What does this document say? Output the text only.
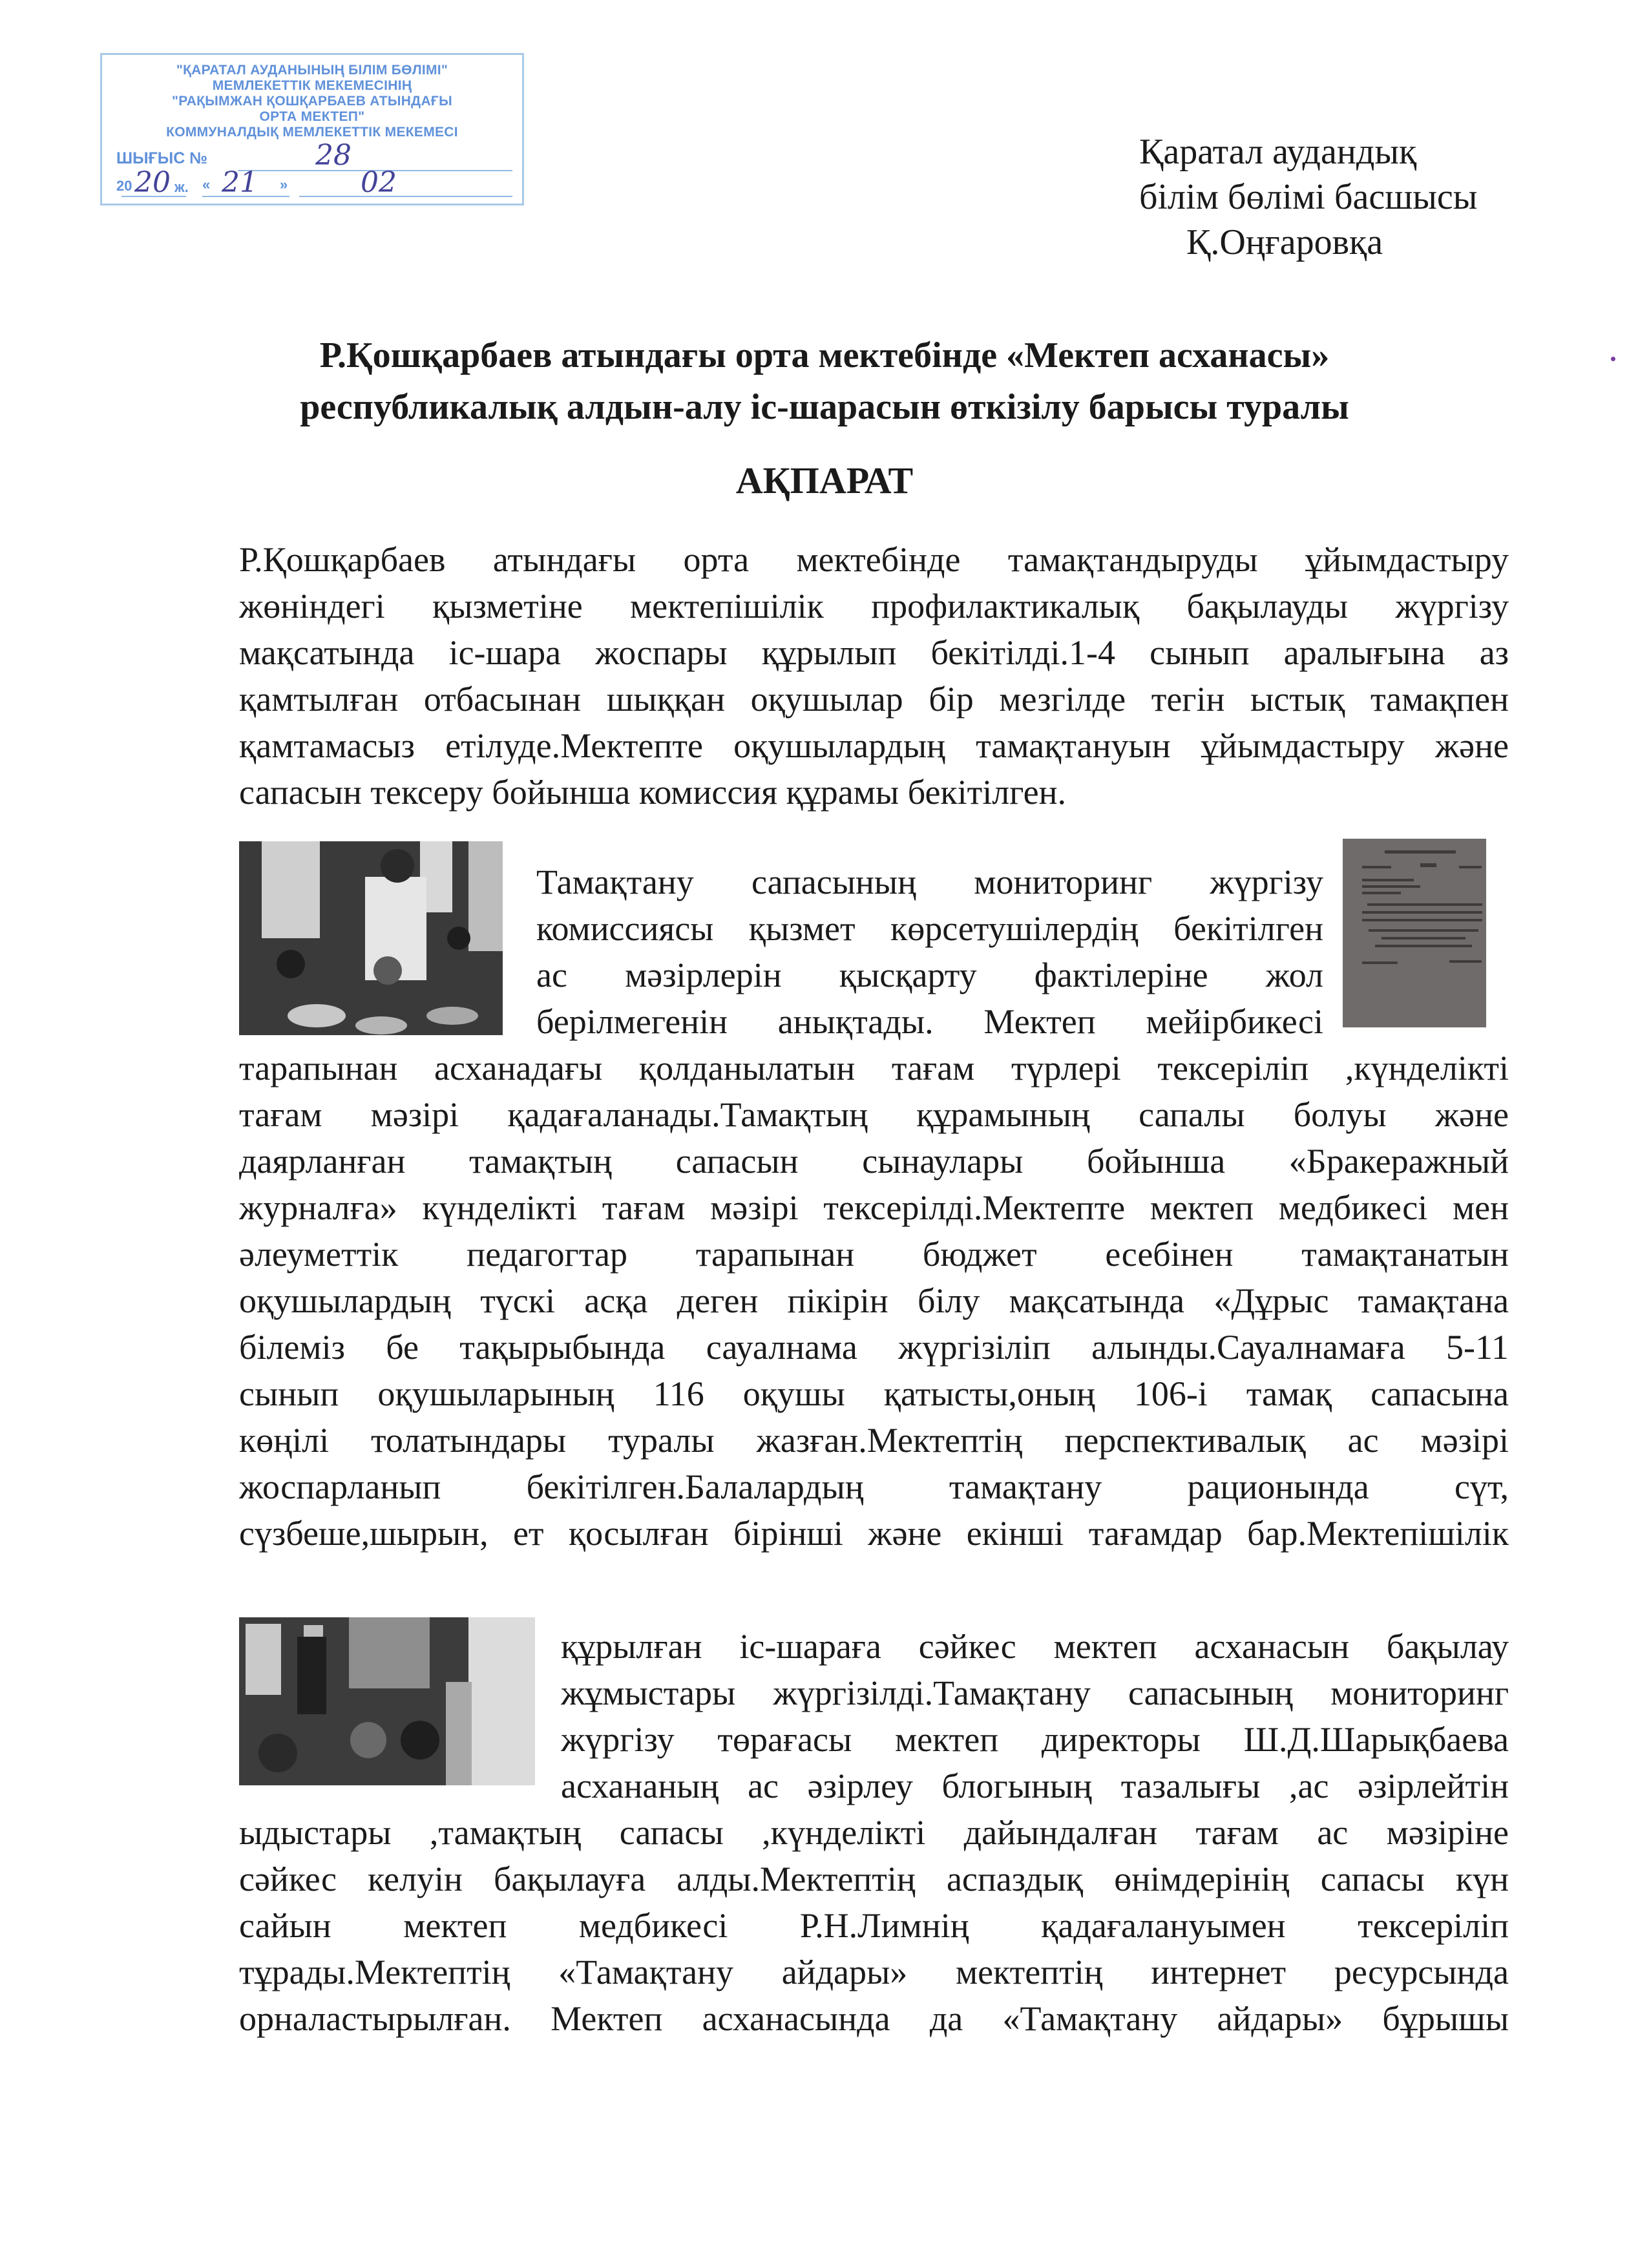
"ҚАРАТАЛ АУДАНЫНЫҢ БІЛІМ БӨЛІМІ"
МЕМЛЕКЕТТІК МЕКЕМЕСІНІҢ
"РАҚЫМЖАН ҚОШҚАРБАЕВ АТЫНДАҒЫ
ОРТА МЕКТЕП"
КОММУНАЛДЫҚ МЕМЛЕКЕТТІК МЕКЕМЕСІ
ШЫҒЫС №	28
20 20 ж. « 21 »	02
Қаратал аудандық
білім бөлімі басшысы
Қ.Оңғаровқа
Р.Қошқарбаев атындағы орта мектебінде «Мектеп асханасы»
республикалық алдын-алу іс-шарасын өткізілу барысы туралы
АҚПАРАТ
Р.Қошқарбаев атындағы орта мектебінде тамақтандыруды ұйымдастыру
жөніндегі қызметіне мектепішілік профилактикалық бақылауды жүргізу
мақсатында іс-шара жоспары құрылып бекітілді.1-4 сынып аралығына аз
қамтылған отбасынан шыққан оқушылар бір мезгілде тегін ыстық тамақпен
қамтамасыз етілуде.Мектепте оқушылардың тамақтануын ұйымдастыру және
сапасын тексеру бойынша комиссия құрамы бекітілген.
Тамақтану сапасының мониторинг жүргізу
комиссиясы қызмет көрсетушілердің бекітілген
ас мәзірлерін қысқарту фактілеріне жол
берілмегенін анықтады. Мектеп мейірбикесі
тарапынан асханадағы қолданылатын тағам түрлері тексеріліп ,күнделікті
тағам мәзірі қадағаланады.Тамақтың құрамының сапалы болуы және
даярланған тамақтың сапасын сынаулары бойынша «Бракеражный
журналға» күнделікті тағам мәзірі тексерілді.Мектепте мектеп медбикесі мен
әлеуметтік педагогтар тарапынан бюджет есебінен тамақтанатын
оқушылардың түскі асқа деген пікірін білу мақсатында «Дұрыс тамақтана
білеміз бе тақырыбында сауалнама жүргізіліп алынды.Сауалнамаға 5-11
сынып оқушыларының 116 оқушы қатысты,оның 106-і тамақ сапасына
көңілі толатындары туралы жазған.Мектептің перспективалық ас мәзірі
жоспарланып бекітілген.Балалардың тамақтану рационында сүт,
сүзбеше,шырын, ет қосылған бірінші және екінші тағамдар бар.Мектепішілік
құрылған іс-шараға сәйкес мектеп асханасын бақылау
жұмыстары жүргізілді.Тамақтану сапасының мониторинг
жүргізу төрағасы мектеп директоры Ш.Д.Шарықбаева
асхананың ас әзірлеу блогының тазалығы ,ас әзірлейтін
ыдыстары ,тамақтың сапасы ,күнделікті дайындалған тағам ас мәзіріне
сәйкес келуін бақылауға алды.Мектептің аспаздық өнімдерінің сапасы күн
сайын мектеп медбикесі Р.Н.Лимнің қадағалануымен тексеріліп
тұрады.Мектептің «Тамақтану айдары» мектептің интернет ресурсында
орналастырылған. Мектеп асханасында да «Тамақтану айдары» бұрышы
